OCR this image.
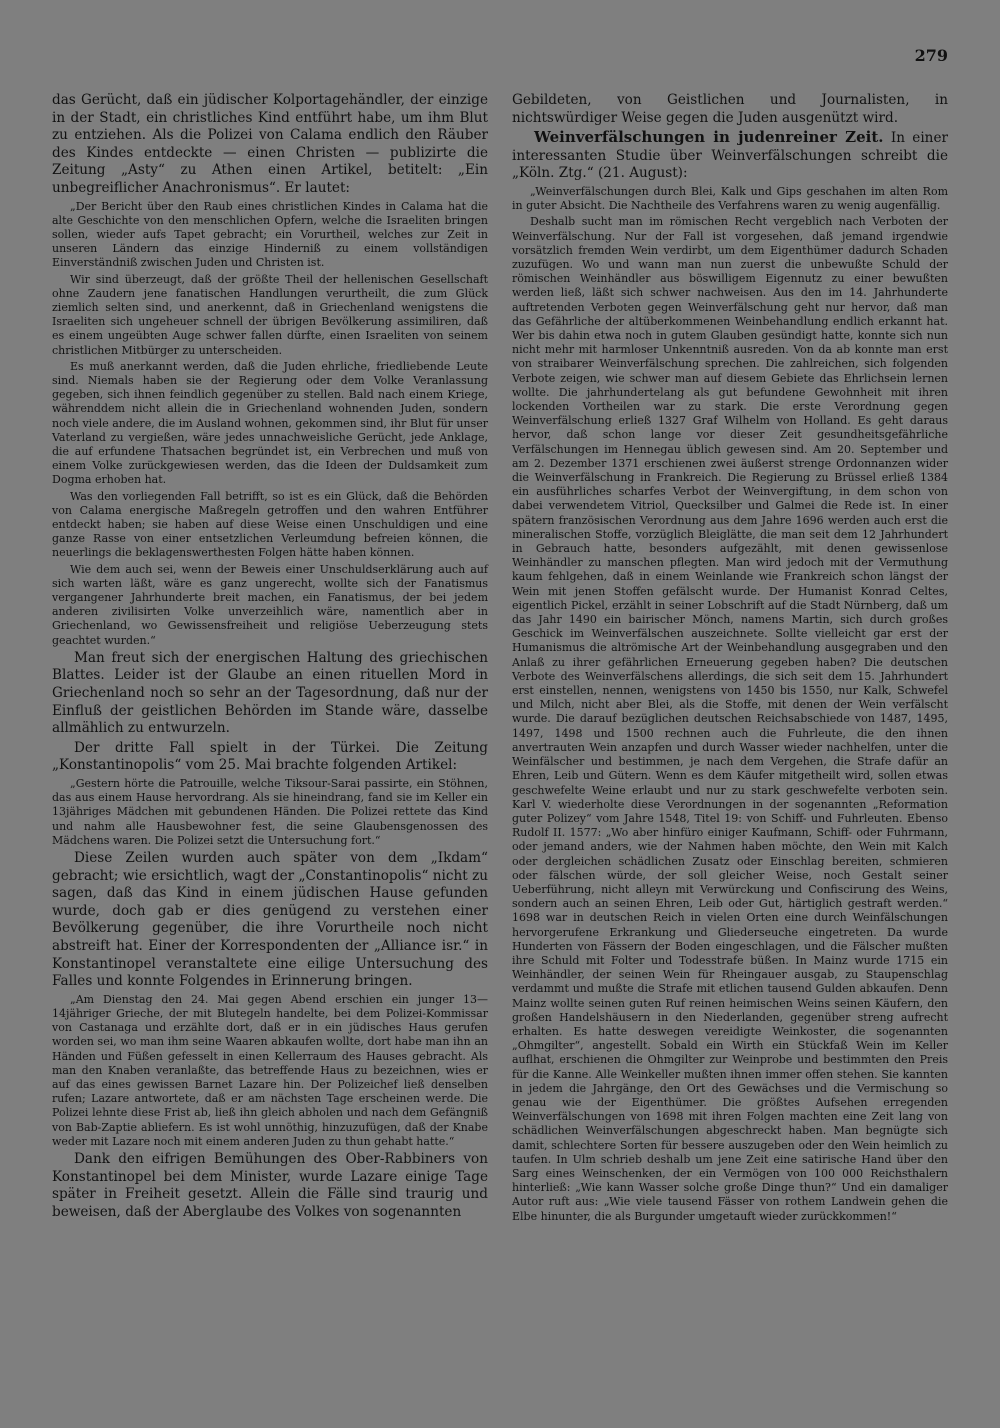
279

das Gerücht, daß ein jüdischer Kolportagehändler, der einzige in der Stadt, ein christliches Kind entführt habe, um ihm Blut zu entziehen. Als die Polizei von Calama endlich den Räuber des Kindes entdeckte — einen Christen — publizirte die Zeitung „Asty“ zu Athen einen Artikel, betitelt: „Ein unbegreiflicher Anachronismus“. Er lautet:

„Der Bericht über den Raub eines christlichen Kindes in Calama hat die alte Geschichte von den menschlichen Opfern, welche die Israeliten bringen sollen, wieder aufs Tapet gebracht; ein Vorurtheil, welches zur Zeit in unseren Ländern das einzige Hinderniß zu einem vollständigen Einverständniß zwischen Juden und Christen ist.

Wir sind überzeugt, daß der größte Theil der hellenischen Gesellschaft ohne Zaudern jene fanatischen Handlungen verurtheilt, die zum Glück ziemlich selten sind, und anerkennt, daß in Griechenland wenigstens die Israeliten sich ungeheuer schnell der übrigen Bevölkerung assimiliren, daß es einem ungeübten Auge schwer fallen dürfte, einen Israeliten von seinem christlichen Mitbürger zu unterscheiden.

Es muß anerkannt werden, daß die Juden ehrliche, friedliebende Leute sind. Niemals haben sie der Regierung oder dem Volke Veranlassung gegeben, sich ihnen feindlich gegenüber zu stellen. Bald nach einem Kriege, währenddem nicht allein die in Griechenland wohnenden Juden, sondern noch viele andere, die im Ausland wohnen, gekommen sind, ihr Blut für unser Vaterland zu vergießen, wäre jedes unnachweisliche Gerücht, jede Anklage, die auf erfundene Thatsachen begründet ist, ein Verbrechen und muß von einem Volke zurückgewiesen werden, das die Ideen der Duldsamkeit zum Dogma erhoben hat.

Was den vorliegenden Fall betrifft, so ist es ein Glück, daß die Behörden von Calama energische Maßregeln getroffen und den wahren Entführer entdeckt haben; sie haben auf diese Weise einen Unschuldigen und eine ganze Rasse von einer entsetzlichen Verleumdung befreien können, die neuerlings die beklagenswerthesten Folgen hätte haben können.

Wie dem auch sei, wenn der Beweis einer Unschuldserklärung auch auf sich warten läßt, wäre es ganz ungerecht, wollte sich der Fanatismus vergangener Jahrhunderte breit machen, ein Fanatismus, der bei jedem anderen zivilisirten Volke unverzeihlich wäre, namentlich aber in Griechenland, wo Gewissensfreiheit und religiöse Ueberzeugung stets geachtet wurden.“

Man freut sich der energischen Haltung des griechischen Blattes. Leider ist der Glaube an einen rituellen Mord in Griechenland noch so sehr an der Tagesordnung, daß nur der Einfluß der geistlichen Behörden im Stande wäre, dasselbe allmählich zu entwurzeln.

Der dritte Fall spielt in der Türkei. Die Zeitung „Konstantinopolis“ vom 25. Mai brachte folgenden Artikel:

„Gestern hörte die Patrouille, welche Tiksour-Sarai passirte, ein Stöhnen, das aus einem Hause hervordrang. Als sie hineindrang, fand sie im Keller ein 13jähriges Mädchen mit gebundenen Händen. Die Polizei rettete das Kind und nahm alle Hausbewohner fest, die seine Glaubensgenossen des Mädchens waren. Die Polizei setzt die Untersuchung fort.“

Diese Zeilen wurden auch später von dem „Ikdam“ gebracht; wie ersichtlich, wagt der „Constantinopolis“ nicht zu sagen, daß das Kind in einem jüdischen Hause gefunden wurde, doch gab er dies genügend zu verstehen einer Bevölkerung gegenüber, die ihre Vorurtheile noch nicht abstreift hat. Einer der Korrespondenten der „Alliance isr.“ in Konstantinopel veranstaltete eine eilige Untersuchung des Falles und konnte Folgendes in Erinnerung bringen.

„Am Dienstag den 24. Mai gegen Abend erschien ein junger 13—14jähriger Grieche, der mit Blutegeln handelte, bei dem Polizei-Kommissar von Castanaga und erzählte dort, daß er in ein jüdisches Haus gerufen worden sei, wo man ihm seine Waaren abkaufen wollte, dort habe man ihn an Händen und Füßen gefesselt in einen Kellerraum des Hauses gebracht. Als man den Knaben veranlaßte, das betreffende Haus zu bezeichnen, wies er auf das eines gewissen Barnet Lazare hin. Der Polizeichef ließ denselben rufen; Lazare antwortete, daß er am nächsten Tage erscheinen werde. Die Polizei lehnte diese Frist ab, ließ ihn gleich abholen und nach dem Gefängniß von Bab-Zaptie abliefern. Es ist wohl unnöthig, hinzuzufügen, daß der Knabe weder mit Lazare noch mit einem anderen Juden zu thun gehabt hatte.“

Dank den eifrigen Bemühungen des Ober-Rabbiners von Konstantinopel bei dem Minister, wurde Lazare einige Tage später in Freiheit gesetzt. Allein die Fälle sind traurig und beweisen, daß der Aberglaube des Volkes von sogenannten

Gebildeten, von Geistlichen und Journalisten, in nichtswürdiger Weise gegen die Juden ausgenützt wird.

Weinverfälschungen in judenreiner Zeit. In einer interessanten Studie über Weinverfälschungen schreibt die „Köln. Ztg.“ (21. August):

„Weinverfälschungen durch Blei, Kalk und Gips geschahen im alten Rom in guter Absicht. Die Nachtheile des Verfahrens waren zu wenig augenfällig.

Deshalb sucht man im römischen Recht vergeblich nach Verboten der Weinverfälschung. Nur der Fall ist vorgesehen, daß jemand irgendwie vorsätzlich fremden Wein verdirbt, um dem Eigenthümer dadurch Schaden zuzufügen. Wo und wann man nun zuerst die unbewußte Schuld der römischen Weinhändler aus böswilligem Eigennutz zu einer bewußten werden ließ, läßt sich schwer nachweisen. Aus den im 14. Jahrhunderte auftretenden Verboten gegen Weinverfälschung geht nur hervor, daß man das Gefährliche der altüberkommenen Weinbehandlung endlich erkannt hat. Wer bis dahin etwa noch in gutem Glauben gesündigt hatte, konnte sich nun nicht mehr mit harmloser Unkenntniß ausreden. Von da ab konnte man erst von straibarer Weinverfälschung sprechen. Die zahlreichen, sich folgenden Verbote zeigen, wie schwer man auf diesem Gebiete das Ehrlichsein lernen wollte. Die jahrhundertelang als gut befundene Gewohnheit mit ihren lockenden Vortheilen war zu stark. Die erste Verordnung gegen Weinverfälschung erließ 1327 Graf Wilhelm von Holland. Es geht daraus hervor, daß schon lange vor dieser Zeit gesundheitsgefährliche Verfälschungen im Hennegau üblich gewesen sind. Am 20. September und am 2. Dezember 1371 erschienen zwei äußerst strenge Ordonnanzen wider die Weinverfälschung in Frankreich. Die Regierung zu Brüssel erließ 1384 ein ausführliches scharfes Verbot der Weinvergiftung, in dem schon von dabei verwendetem Vitriol, Quecksilber und Galmei die Rede ist. In einer spätern französischen Verordnung aus dem Jahre 1696 werden auch erst die mineralischen Stoffe, vorzüglich Bleiglätte, die man seit dem 12 Jahrhundert in Gebrauch hatte, besonders aufgezählt, mit denen gewissenlose Weinhändler zu manschen pflegten. Man wird jedoch mit der Vermuthung kaum fehlgehen, daß in einem Weinlande wie Frankreich schon längst der Wein mit jenen Stoffen gefälscht wurde. Der Humanist Konrad Celtes, eigentlich Pickel, erzählt in seiner Lobschrift auf die Stadt Nürnberg, daß um das Jahr 1490 ein bairischer Mönch, namens Martin, sich durch großes Geschick im Weinverfälschen auszeichnete. Sollte vielleicht gar erst der Humanismus die altrömische Art der Weinbehandlung ausgegraben und den Anlaß zu ihrer gefährlichen Erneuerung gegeben haben? Die deutschen Verbote des Weinverfälschens allerdings, die sich seit dem 15. Jahrhundert erst einstellen, nennen, wenigstens von 1450 bis 1550, nur Kalk, Schwefel und Milch, nicht aber Blei, als die Stoffe, mit denen der Wein verfälscht wurde. Die darauf bezüglichen deutschen Reichsabschiede von 1487, 1495, 1497, 1498 und 1500 rechnen auch die Fuhrleute, die den ihnen anvertrauten Wein anzapfen und durch Wasser wieder nachhelfen, unter die Weinfälscher und bestimmen, je nach dem Vergehen, die Strafe dafür an Ehren, Leib und Gütern. Wenn es dem Käufer mitgetheilt wird, sollen etwas geschwefelte Weine erlaubt und nur zu stark geschwefelte verboten sein. Karl V. wiederholte diese Verordnungen in der sogenannten „Reformation guter Polizey“ vom Jahre 1548, Titel 19: von Schiff- und Fuhrleuten. Ebenso Rudolf II. 1577: „Wo aber hinfüro einiger Kaufmann, Schiff- oder Fuhrmann, oder jemand anders, wie der Nahmen haben möchte, den Wein mit Kalch oder dergleichen schädlichen Zusatz oder Einschlag bereiten, schmieren oder fälschen würde, der soll gleicher Weise, noch Gestalt seiner Ueberführung, nicht alleyn mit Verwürckung und Confiscirung des Weins, sondern auch an seinen Ehren, Leib oder Gut, härtiglich gestraft werden.“ 1698 war in deutschen Reich in vielen Orten eine durch Weinfälschungen hervorgerufene Erkrankung und Gliederseuche eingetreten. Da wurde Hunderten von Fässern der Boden eingeschlagen, und die Fälscher mußten ihre Schuld mit Folter und Todesstrafe büßen. In Mainz wurde 1715 ein Weinhändler, der seinen Wein für Rheingauer ausgab, zu Staupenschlag verdammt und mußte die Strafe mit etlichen tausend Gulden abkaufen. Denn Mainz wollte seinen guten Ruf reinen heimischen Weins seinen Käufern, den großen Handelshäusern in den Niederlanden, gegenüber streng aufrecht erhalten. Es hatte deswegen vereidigte Weinkoster, die sogenannten „Ohmgilter“, angestellt. Sobald ein Wirth ein Stückfaß Wein im Keller auflhat, erschienen die Ohmgilter zur Weinprobe und bestimmten den Preis für die Kanne. Alle Weinkeller mußten ihnen immer offen stehen. Sie kannten in jedem die Jahrgänge, den Ort des Gewächses und die Vermischung so genau wie der Eigenthümer. Die größtes Aufsehen erregenden Weinverfälschungen von 1698 mit ihren Folgen machten eine Zeit lang von schädlichen Weinverfälschungen abgeschreckt haben. Man begnügte sich damit, schlechtere Sorten für bessere auszugeben oder den Wein heimlich zu taufen. In Ulm schrieb deshalb um jene Zeit eine satirische Hand über den Sarg eines Weinschenken, der ein Vermögen von 100 000 Reichsthalern hinterließ: „Wie kann Wasser solche große Dinge thun?“ Und ein damaliger Autor ruft aus: „Wie viele tausend Fässer von rothem Landwein gehen die Elbe hinunter, die als Burgunder umgetauft wieder zurückkommen!“
